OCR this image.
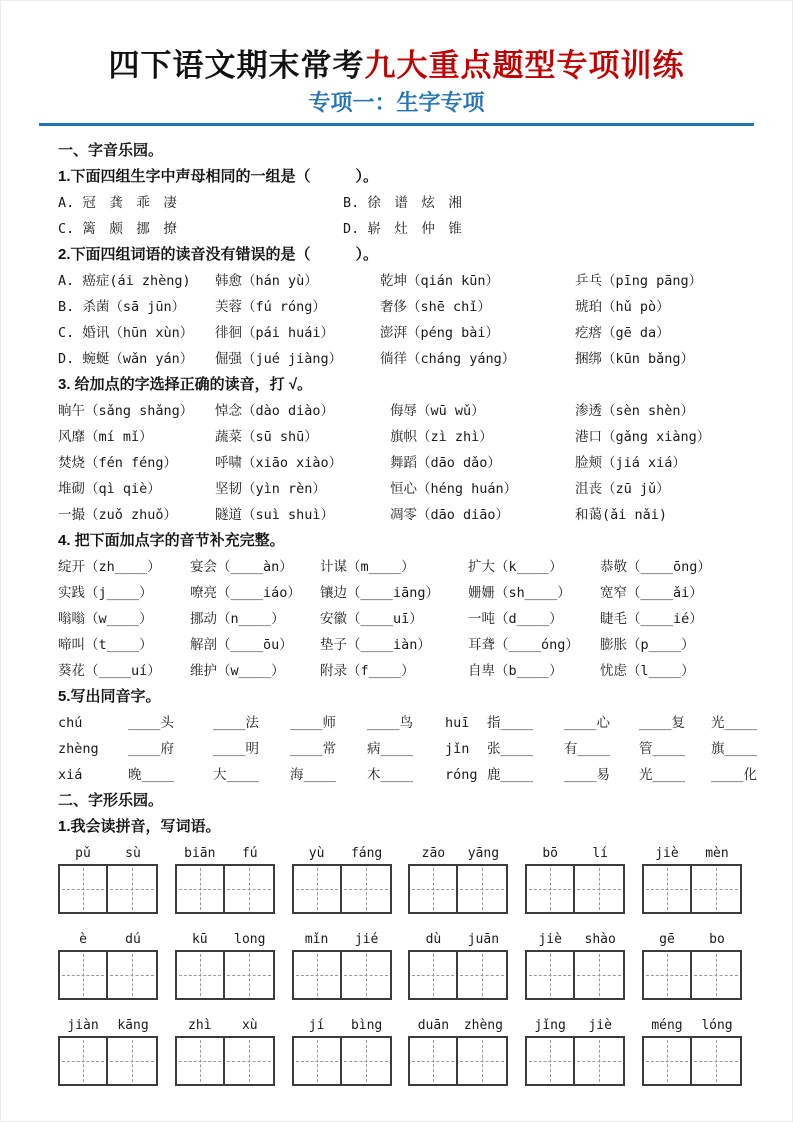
四下语文期末常考九大重点题型专项训练
专项一：生字专项

一、字音乐园。

1.下面四组生字中声母相同的一组是（　　　）。

A. 冠　龚　乖　凄	B. 徐　谱　炫　湘
C. 篱　颇　挪　撩	D. 崭　灶　仲　锥

2.下面四组词语的读音没有错误的是（　　　）。

A. 癌症(ái zhèng)	韩愈（hán yù）	乾坤（qián kūn）	乒乓（pīng pāng）
B. 杀菌（sā jūn）	芙蓉（fú róng）	奢侈（shē chǐ）	琥珀（hǔ pò）
C. 婚讯（hūn xùn）	徘徊（pái huái）	澎湃（péng bài）	疙瘩（gē da）
D. 蜿蜒（wǎn yán）	倔强（jué jiàng）	徜徉（cháng yáng）	捆绑（kūn bǎng）

3. 给加点的字选择正确的读音，打 √。

晌午（sǎng shǎng）	悼念（dào diào）	侮辱（wū wǔ）	渗透（sèn shèn）
风靡（mí mǐ）	蔬菜（sū shū）	旗帜（zì zhì）	港口（gǎng xiàng）
焚烧（fén féng）	呼啸（xiāo xiào）	舞蹈（dāo dǎo）	脸颊（jiá xiá）
堆砌（qì qiè）	坚韧（yìn rèn）	恒心（héng huán）	沮丧（zū jǔ）
一撮（zuǒ zhuǒ）	隧道（suì shuì）	凋零（dāo diāo）	和蔼(ǎi nǎi)

4. 把下面加点字的音节补充完整。

绽开（zh____）	宴会（____àn）	计谋（m____）	扩大（k____）	恭敬（____ōng）
实践（j____）	嘹亮（____iáo）	镶边（____iāng）	姗姗（sh____）	宽窄（____ǎi）
嗡嗡（w____）	挪动（n____）	安徽（____uī）	一吨（d____）	睫毛（____ié）
啼叫（t____）	解剖（____ōu）	垫子（____iàn）	耳聋（____óng）	膨胀（p____）
葵花（____uí）	维护（w____）	附录（f____）	自卑（b____）	忧虑（l____）

5.写出同音字。

chú	____头	____法	____师	____鸟	huī	指____	____心	____复	光____
zhèng	____府	____明	____常	病____	jǐn	张____	有____	管____	旗____
xiá	晚____	大____	海____	木____	róng 鹿____	____易	光____	____化

二、字形乐园。

1.我会读拼音，写词语。

pǔ	sù	biān	fú	yù	fáng	zāo	yāng	bō	lí	jiè	mèn
è	dú	kū	long	mǐn	jié	dù	juān	jiè	shào	gē	bo
jiàn	kāng	zhì	xù	jí	bìng	duān	zhèng	jǐng	jiè	méng	lóng
